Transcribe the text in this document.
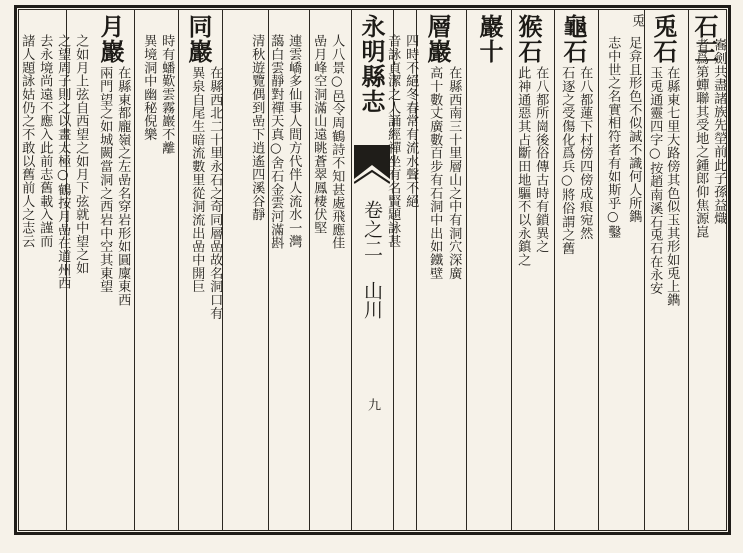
石三
㠐劍共盡諸族先塋前此子孫益熾
者爲第蟬聯其受地之鍾郎仰焦源崑
兎石
在縣東七里大路傍其色似玉其形如兎上鐫
玉兎通靈四字○按趙南溪石兎石在永安
兎
足弇且形色不似誠不識何人所鐫
志中世之名實相符者有如斯乎○鑿
龜石
在八都蓮下村傍四傍成痕宛然
石逐之受傷化爲兵○將俗謂之舊
猴石
在八都所崗後俗傳古時有鎖異之
此神通惡其占斷田地驅不以永鎮之
巖十
層巖
在縣西南三十里層山之中有洞穴深廣
高十數丈廣數百步有石洞中出如鐵壁
四時不絕冬春常有流水聲不絕
音詠貞潔之人誦經禪坐有名賢題詠甚
永明縣志
卷之二 山川
九
人八景○邑令周鶴詩不知甚處飛應佳
嵒月峰空洞滿山遠眺蒼翠鳳棲伏堅
連雲嶠多仙事人間方代伴人流水一灣
藹白雲靜對禪天真○舍石金雲河滿斟
清秋遊覽偶到嵒下逍遙四溪谷靜
同巖
在縣西北二十里永石之奇同層嵒故名洞口有
異泉自尾生暗流數里從洞流出嵒中開巨
時有蟠歎雲霧巖不離
異境洞中幽秘倪樂
月巖
在縣東都龐嶺之左嵒名穿岩形如圓廩東西
兩門望之如城闕當洞之西岩中空其東望
之如月上弦自西望之如月下弦就中望之如
之望周子則之以畫太極○鶴按月嵒在道州西
去永境尚遠不應入此前志舊載入謹而
諸人題詠姑仍之不敢以舊前人之志云
